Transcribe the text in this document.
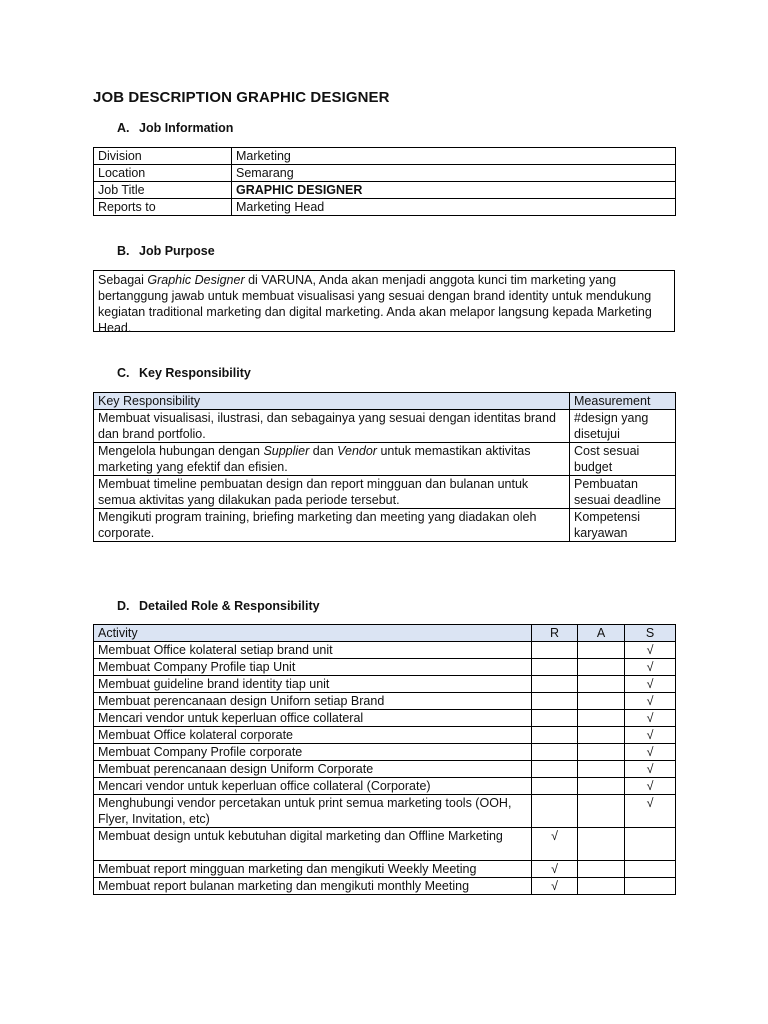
JOB DESCRIPTION GRAPHIC DESIGNER
A. Job Information
Division	Marketing
Location	Semarang
Job Title	GRAPHIC DESIGNER
Reports to	Marketing Head
B. Job Purpose
Sebagai Graphic Designer di VARUNA, Anda akan menjadi anggota kunci tim marketing yang bertanggung jawab untuk membuat visualisasi yang sesuai dengan brand identity untuk mendukung kegiatan traditional marketing dan digital marketing. Anda akan melapor langsung kepada Marketing Head.
C. Key Responsibility
Key Responsibility	Measurement
Membuat visualisasi, ilustrasi, dan sebagainya yang sesuai dengan identitas brand dan brand portfolio.	#design yang disetujui
Mengelola hubungan dengan Supplier dan Vendor untuk memastikan aktivitas marketing yang efektif dan efisien.	Cost sesuai budget
Membuat timeline pembuatan design dan report mingguan dan bulanan untuk semua aktivitas yang dilakukan pada periode tersebut.	Pembuatan sesuai deadline
Mengikuti program training, briefing marketing dan meeting yang diadakan oleh corporate.	Kompetensi karyawan
D. Detailed Role & Responsibility
Activity	R	A	S
Membuat Office kolateral setiap brand unit			√
Membuat Company Profile tiap Unit			√
Membuat guideline brand identity tiap unit			√
Membuat perencanaan design Uniforn setiap Brand			√
Mencari vendor untuk keperluan office collateral			√
Membuat Office kolateral corporate			√
Membuat Company Profile corporate			√
Membuat perencanaan design Uniform Corporate			√
Mencari vendor untuk keperluan office collateral (Corporate)			√
Menghubungi vendor percetakan untuk print semua marketing tools (OOH, Flyer, Invitation, etc)			√
Membuat design untuk kebutuhan digital marketing dan Offline Marketing	√		
Membuat report mingguan marketing dan mengikuti Weekly Meeting	√		
Membuat report bulanan marketing dan mengikuti monthly Meeting	√		
